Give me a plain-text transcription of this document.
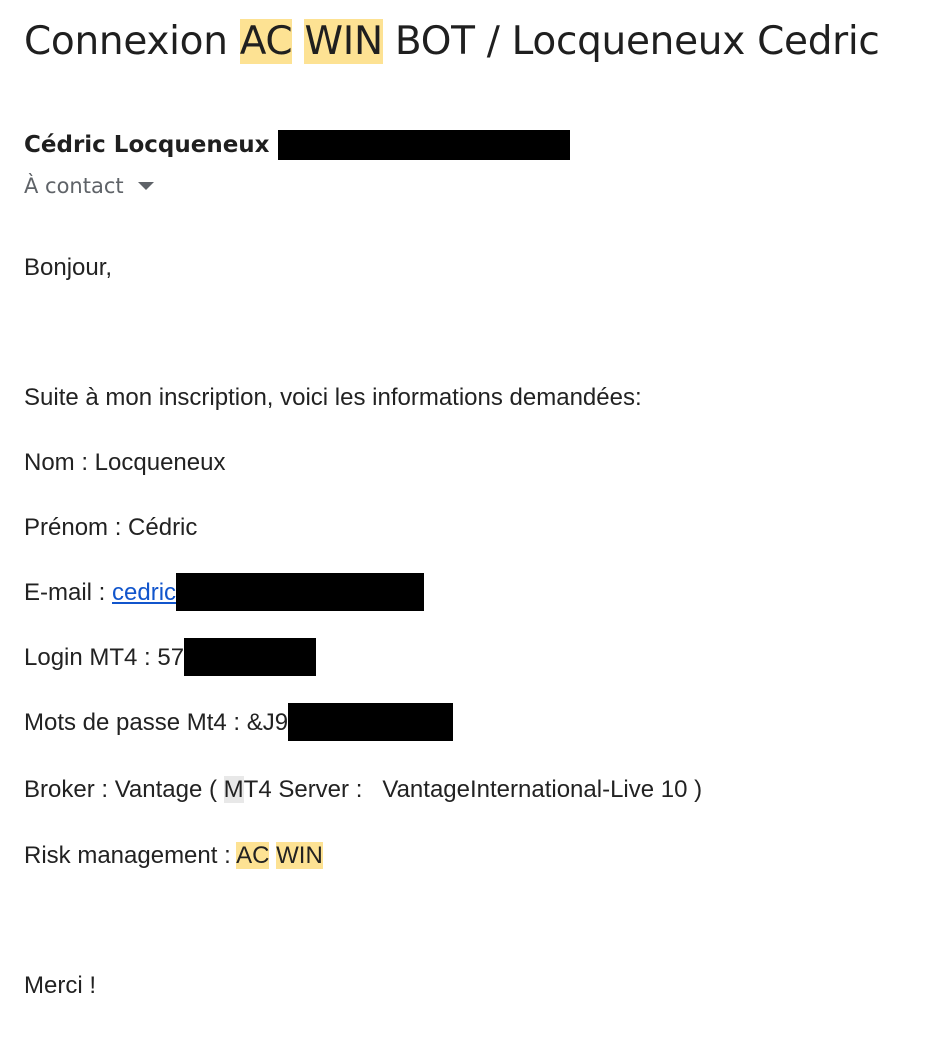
Connexion AC WIN BOT / Locqueneux Cedric
Cédric Locqueneux
À contact
Bonjour,
Suite à mon inscription, voici les informations demandées:
Nom : Locqueneux
Prénom : Cédric
E-mail : cedric
Login MT4 : 57
Mots de passe Mt4 : &J9
Broker : Vantage ( MT4 Server :   VantageInternational-Live 10 )
Risk management : AC WIN
Merci !
